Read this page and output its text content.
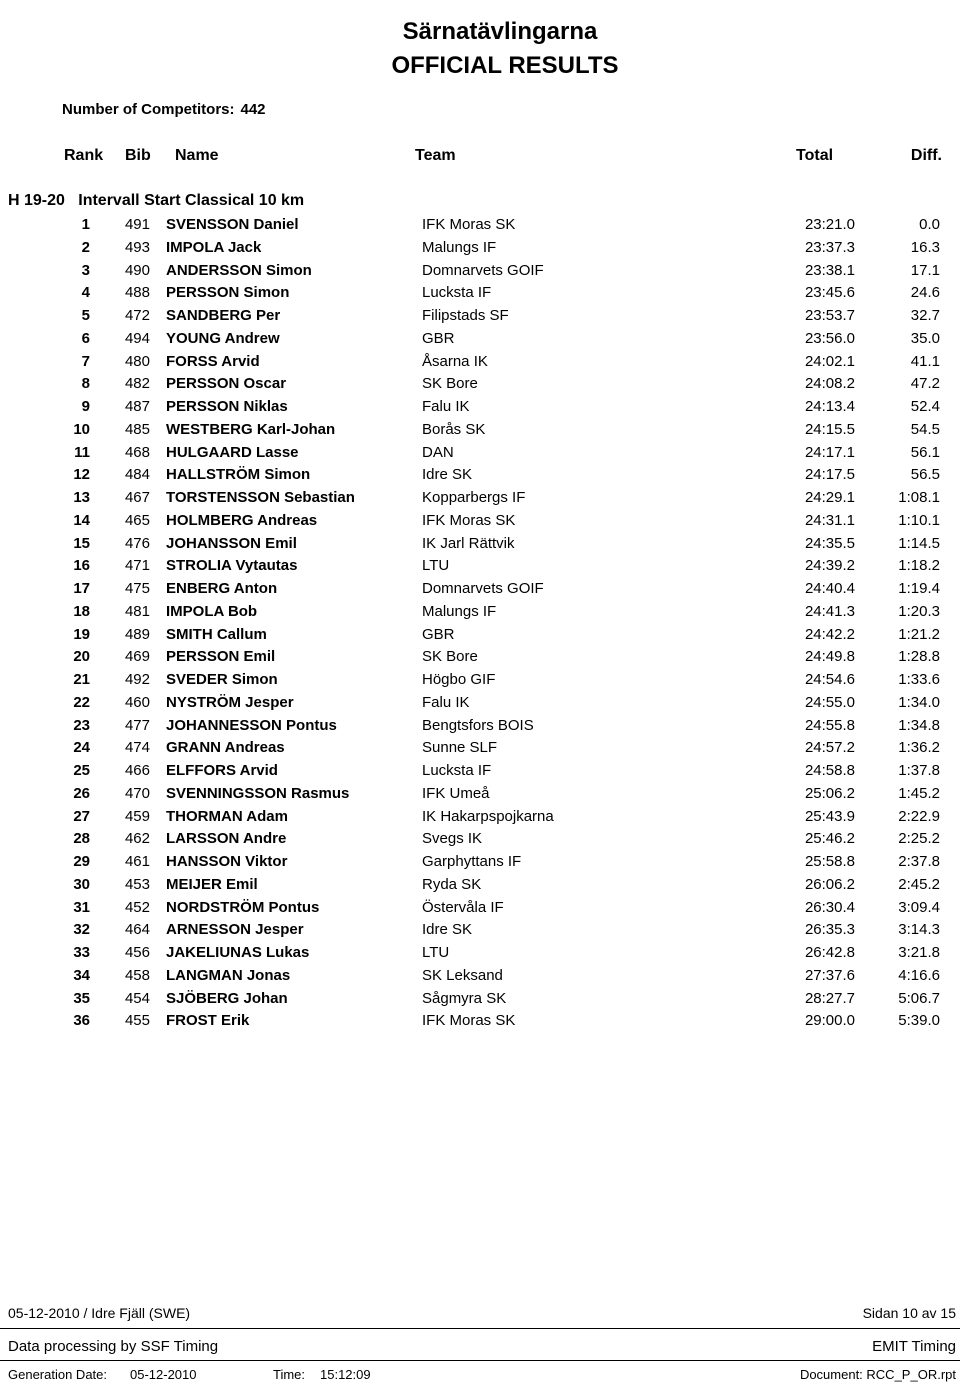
Särnatävlingarna
OFFICIAL RESULTS
Number of Competitors: 442
Rank Bib Name	Team	Total	Diff.
H 19-20   Intervall Start Classical 10 km
1	491 SVENSSON Daniel	IFK Moras SK	23:21.0	0.0
2	493 IMPOLA Jack	Malungs IF	23:37.3	16.3
3	490 ANDERSSON Simon	Domnarvets GOIF	23:38.1	17.1
4	488 PERSSON Simon	Lucksta IF	23:45.6	24.6
5	472 SANDBERG Per	Filipstads SF	23:53.7	32.7
6	494 YOUNG Andrew	GBR	23:56.0	35.0
7	480 FORSS Arvid	Åsarna IK	24:02.1	41.1
8	482 PERSSON Oscar	SK Bore	24:08.2	47.2
9	487 PERSSON Niklas	Falu IK	24:13.4	52.4
10	485 WESTBERG Karl-Johan	Borås SK	24:15.5	54.5
11	468 HULGAARD Lasse	DAN	24:17.1	56.1
12	484 HALLSTRÖM Simon	Idre SK	24:17.5	56.5
13	467 TORSTENSSON Sebastian	Kopparbergs IF	24:29.1	1:08.1
14	465 HOLMBERG Andreas	IFK Moras SK	24:31.1	1:10.1
15	476 JOHANSSON Emil	IK Jarl Rättvik	24:35.5	1:14.5
16	471 STROLIA Vytautas	LTU	24:39.2	1:18.2
17	475 ENBERG Anton	Domnarvets GOIF	24:40.4	1:19.4
18	481 IMPOLA Bob	Malungs IF	24:41.3	1:20.3
19	489 SMITH Callum	GBR	24:42.2	1:21.2
20	469 PERSSON Emil	SK Bore	24:49.8	1:28.8
21	492 SVEDER Simon	Högbo GIF	24:54.6	1:33.6
22	460 NYSTRÖM Jesper	Falu IK	24:55.0	1:34.0
23	477 JOHANNESSON Pontus	Bengtsfors BOIS	24:55.8	1:34.8
24	474 GRANN Andreas	Sunne SLF	24:57.2	1:36.2
25	466 ELFFORS Arvid	Lucksta IF	24:58.8	1:37.8
26	470 SVENNINGSSON Rasmus	IFK Umeå	25:06.2	1:45.2
27	459 THORMAN Adam	IK Hakarpspojkarna	25:43.9	2:22.9
28	462 LARSSON Andre	Svegs IK	25:46.2	2:25.2
29	461 HANSSON Viktor	Garphyttans IF	25:58.8	2:37.8
30	453 MEIJER Emil	Ryda SK	26:06.2	2:45.2
31	452 NORDSTRÖM Pontus	Östervåla IF	26:30.4	3:09.4
32	464 ARNESSON Jesper	Idre SK	26:35.3	3:14.3
33	456 JAKELIUNAS Lukas	LTU	26:42.8	3:21.8
34	458 LANGMAN Jonas	SK Leksand	27:37.6	4:16.6
35	454 SJÖBERG Johan	Sågmyra SK	28:27.7	5:06.7
36	455 FROST Erik	IFK Moras SK	29:00.0	5:39.0
05-12-2010 / Idre Fjäll (SWE)	Sidan 10 av 15
Data processing by SSF Timing	EMIT Timing
Generation Date: 05-12-2010	Time: 15:12:09	Document: RCC_P_OR.rpt
